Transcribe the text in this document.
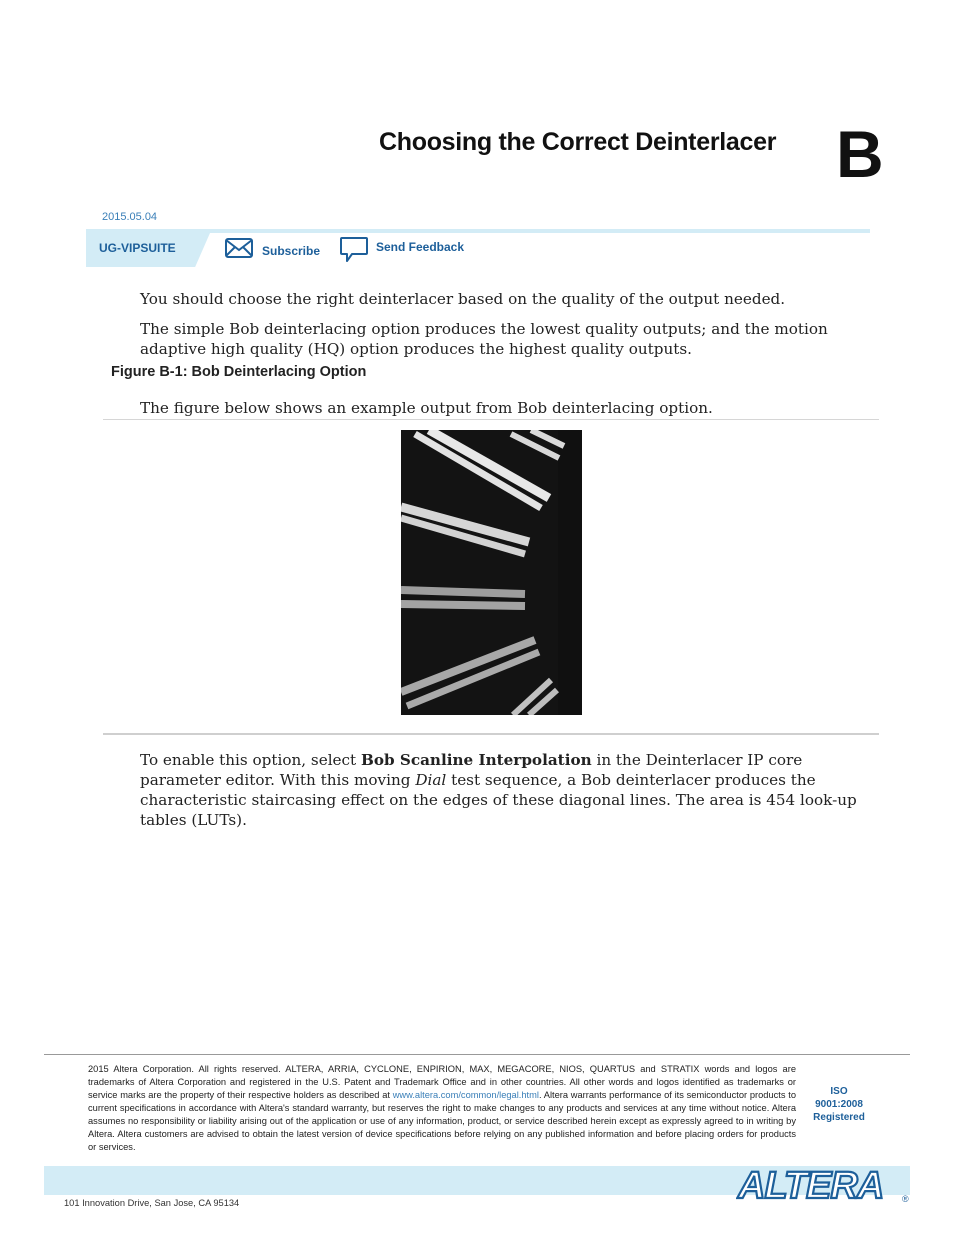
Choosing the Correct Deinterlacer B
2015.05.04
UG-VIPSUITE	Subscribe	Send Feedback
You should choose the right deinterlacer based on the quality of the output needed.
The simple Bob deinterlacing option produces the lowest quality outputs; and the motion adaptive high quality (HQ) option produces the highest quality outputs.
Figure B-1: Bob Deinterlacing Option
The figure below shows an example output from Bob deinterlacing option.
To enable this option, select Bob Scanline Interpolation in the Deinterlacer IP core parameter editor. With this moving Dial test sequence, a Bob deinterlacer produces the characteristic staircasing effect on the edges of these diagonal lines. The area is 454 look-up tables (LUTs).
2015 Altera Corporation. All rights reserved. ALTERA, ARRIA, CYCLONE, ENPIRION, MAX, MEGACORE, NIOS, QUARTUS and STRATIX words and logos are trademarks of Altera Corporation and registered in the U.S. Patent and Trademark Office and in other countries. All other words and logos identified as trademarks or service marks are the property of their respective holders as described at www.altera.com/common/legal.html. Altera warrants performance of its semiconductor products to current specifications in accordance with Altera's standard warranty, but reserves the right to make changes to any products and services at any time without notice. Altera assumes no responsibility or liability arising out of the application or use of any information, product, or service described herein except as expressly agreed to in writing by Altera. Altera customers are advised to obtain the latest version of device specifications before relying on any published information and before placing orders for products or services.
ISO
9001:2008
Registered
101 Innovation Drive, San Jose, CA 95134	ALTERA ®
